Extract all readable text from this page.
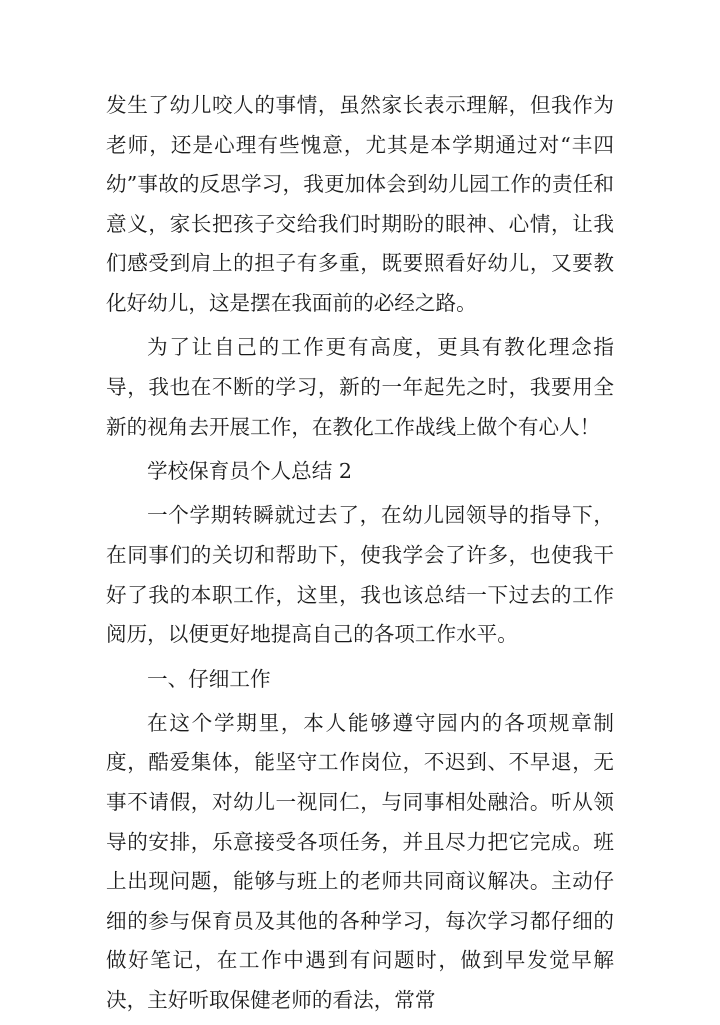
发生了幼儿咬人的事情，虽然家长表示理解，但我作为老师，还是心理有些愧意，尤其是本学期通过对“丰四幼”事故的反思学习，我更加体会到幼儿园工作的责任和意义，家长把孩子交给我们时期盼的眼神、心情，让我们感受到肩上的担子有多重，既要照看好幼儿，又要教化好幼儿，这是摆在我面前的必经之路。

为了让自己的工作更有高度，更具有教化理念指导，我也在不断的学习，新的一年起先之时，我要用全新的视角去开展工作，在教化工作战线上做个有心人！

学校保育员个人总结 2

一个学期转瞬就过去了，在幼儿园领导的指导下，在同事们的关切和帮助下，使我学会了许多，也使我干好了我的本职工作，这里，我也该总结一下过去的工作阅历，以便更好地提高自己的各项工作水平。

一、仔细工作

在这个学期里，本人能够遵守园内的各项规章制度，酷爱集体，能坚守工作岗位，不迟到、不早退，无事不请假，对幼儿一视同仁，与同事相处融洽。听从领导的安排，乐意接受各项任务，并且尽力把它完成。班上出现问题，能够与班上的老师共同商议解决。主动仔细的参与保育员及其他的各种学习，每次学习都仔细的做好笔记，在工作中遇到有问题时，做到早发觉早解决，主好听取保健老师的看法，常常
